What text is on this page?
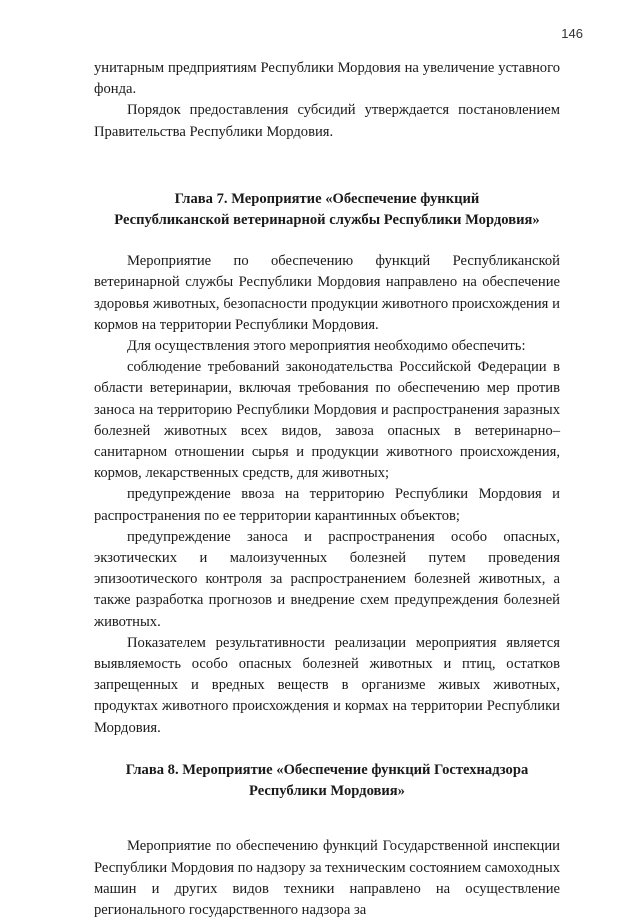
146

унитарным предприятиям Республики Мордовия на увеличение уставного фонда.

Порядок предоставления субсидий утверждается постановлением Правительства Республики Мордовия.

Глава 7. Мероприятие «Обеспечение функций

Республиканской ветеринарной службы Республики Мордовия»

Мероприятие по обеспечению функций Республиканской ветеринарной службы Республики Мордовия направлено на обеспечение здоровья животных, безопасности продукции животного происхождения и кормов на территории Республики Мордовия.

Для осуществления этого мероприятия необходимо обеспечить:

соблюдение требований законодательства Российской Федерации в области ветеринарии, включая требования по обеспечению мер против заноса на территорию Республики Мордовия и распространения заразных болезней животных всех видов, завоза опасных в ветеринарно–санитарном отношении сырья и продукции животного происхождения, кормов, лекарственных средств, для животных;

предупреждение ввоза на территорию Республики Мордовия и распространения по ее территории карантинных объектов;

предупреждение заноса и распространения особо опасных, экзотических и малоизученных болезней путем проведения эпизоотического контроля за распространением болезней животных, а также разработка прогнозов и внедрение схем предупреждения болезней животных.

Показателем результативности реализации мероприятия является выявляемость особо опасных болезней животных и птиц, остатков запрещенных и вредных веществ в организме живых животных, продуктах животного происхождения и кормах на территории Республики Мордовия.

Глава 8. Мероприятие «Обеспечение функций Гостехнадзора

Республики Мордовия»

Мероприятие по обеспечению функций Государственной инспекции Республики Мордовия по надзору за техническим состоянием самоходных машин и других видов техники направлено на осуществление регионального государственного надзора за
